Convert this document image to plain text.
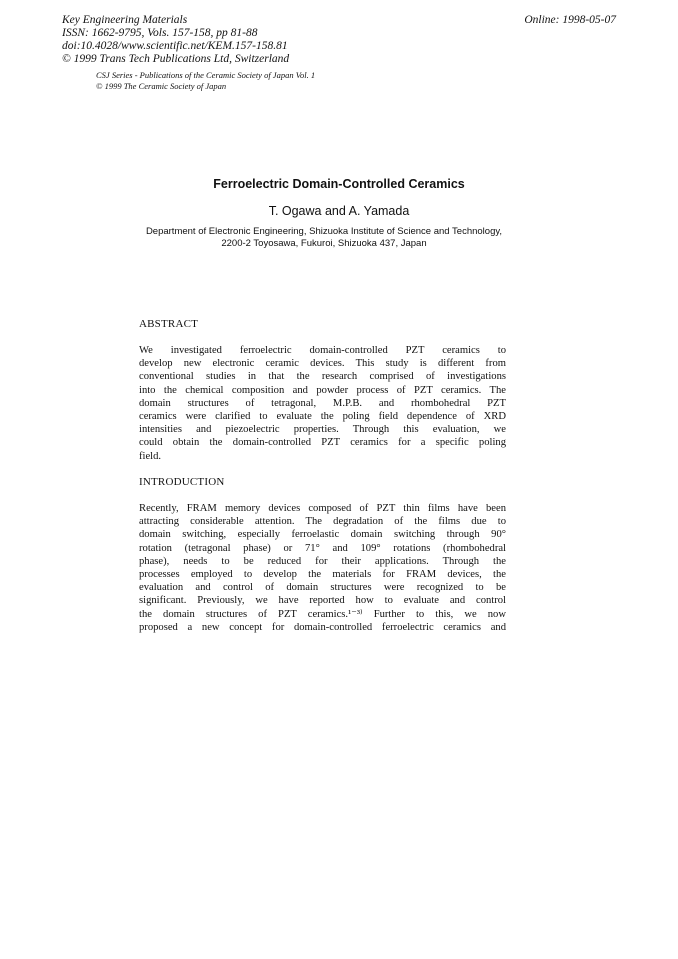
Key Engineering Materials
ISSN: 1662-9795, Vols. 157-158, pp 81-88
doi:10.4028/www.scientific.net/KEM.157-158.81
© 1999 Trans Tech Publications Ltd, Switzerland
Online: 1998-05-07
CSJ Series - Publications of the Ceramic Society of Japan Vol. 1
© 1999 The Ceramic Society of Japan
Ferroelectric Domain-Controlled Ceramics
T. Ogawa and A. Yamada
Department of Electronic Engineering, Shizuoka Institute of Science and Technology,
2200-2 Toyosawa, Fukuroi, Shizuoka 437, Japan
ABSTRACT
We investigated ferroelectric domain-controlled PZT ceramics to
develop new electronic ceramic devices. This study is different from
conventional studies in that the research comprised of investigations
into the chemical composition and powder process of PZT ceramics. The
domain structures of tetragonal, M.P.B. and rhombohedral PZT
ceramics were clarified to evaluate the poling field dependence of XRD
intensities and piezoelectric properties. Through this evaluation, we
could obtain the domain-controlled PZT ceramics for a specific poling
field.
INTRODUCTION
Recently, FRAM memory devices composed of PZT thin films have been
attracting considerable attention. The degradation of the films due to
domain switching, especially ferroelastic domain switching through 90°
rotation (tetragonal phase) or 71° and 109° rotations (rhombohedral
phase), needs to be reduced for their applications. Through the
processes employed to develop the materials for FRAM devices, the
evaluation and control of domain structures were recognized to be
significant. Previously, we have reported how to evaluate and control
the domain structures of PZT ceramics.¹⁻³⁾ Further to this, we now
proposed a new concept for domain-controlled ferroelectric ceramics and
